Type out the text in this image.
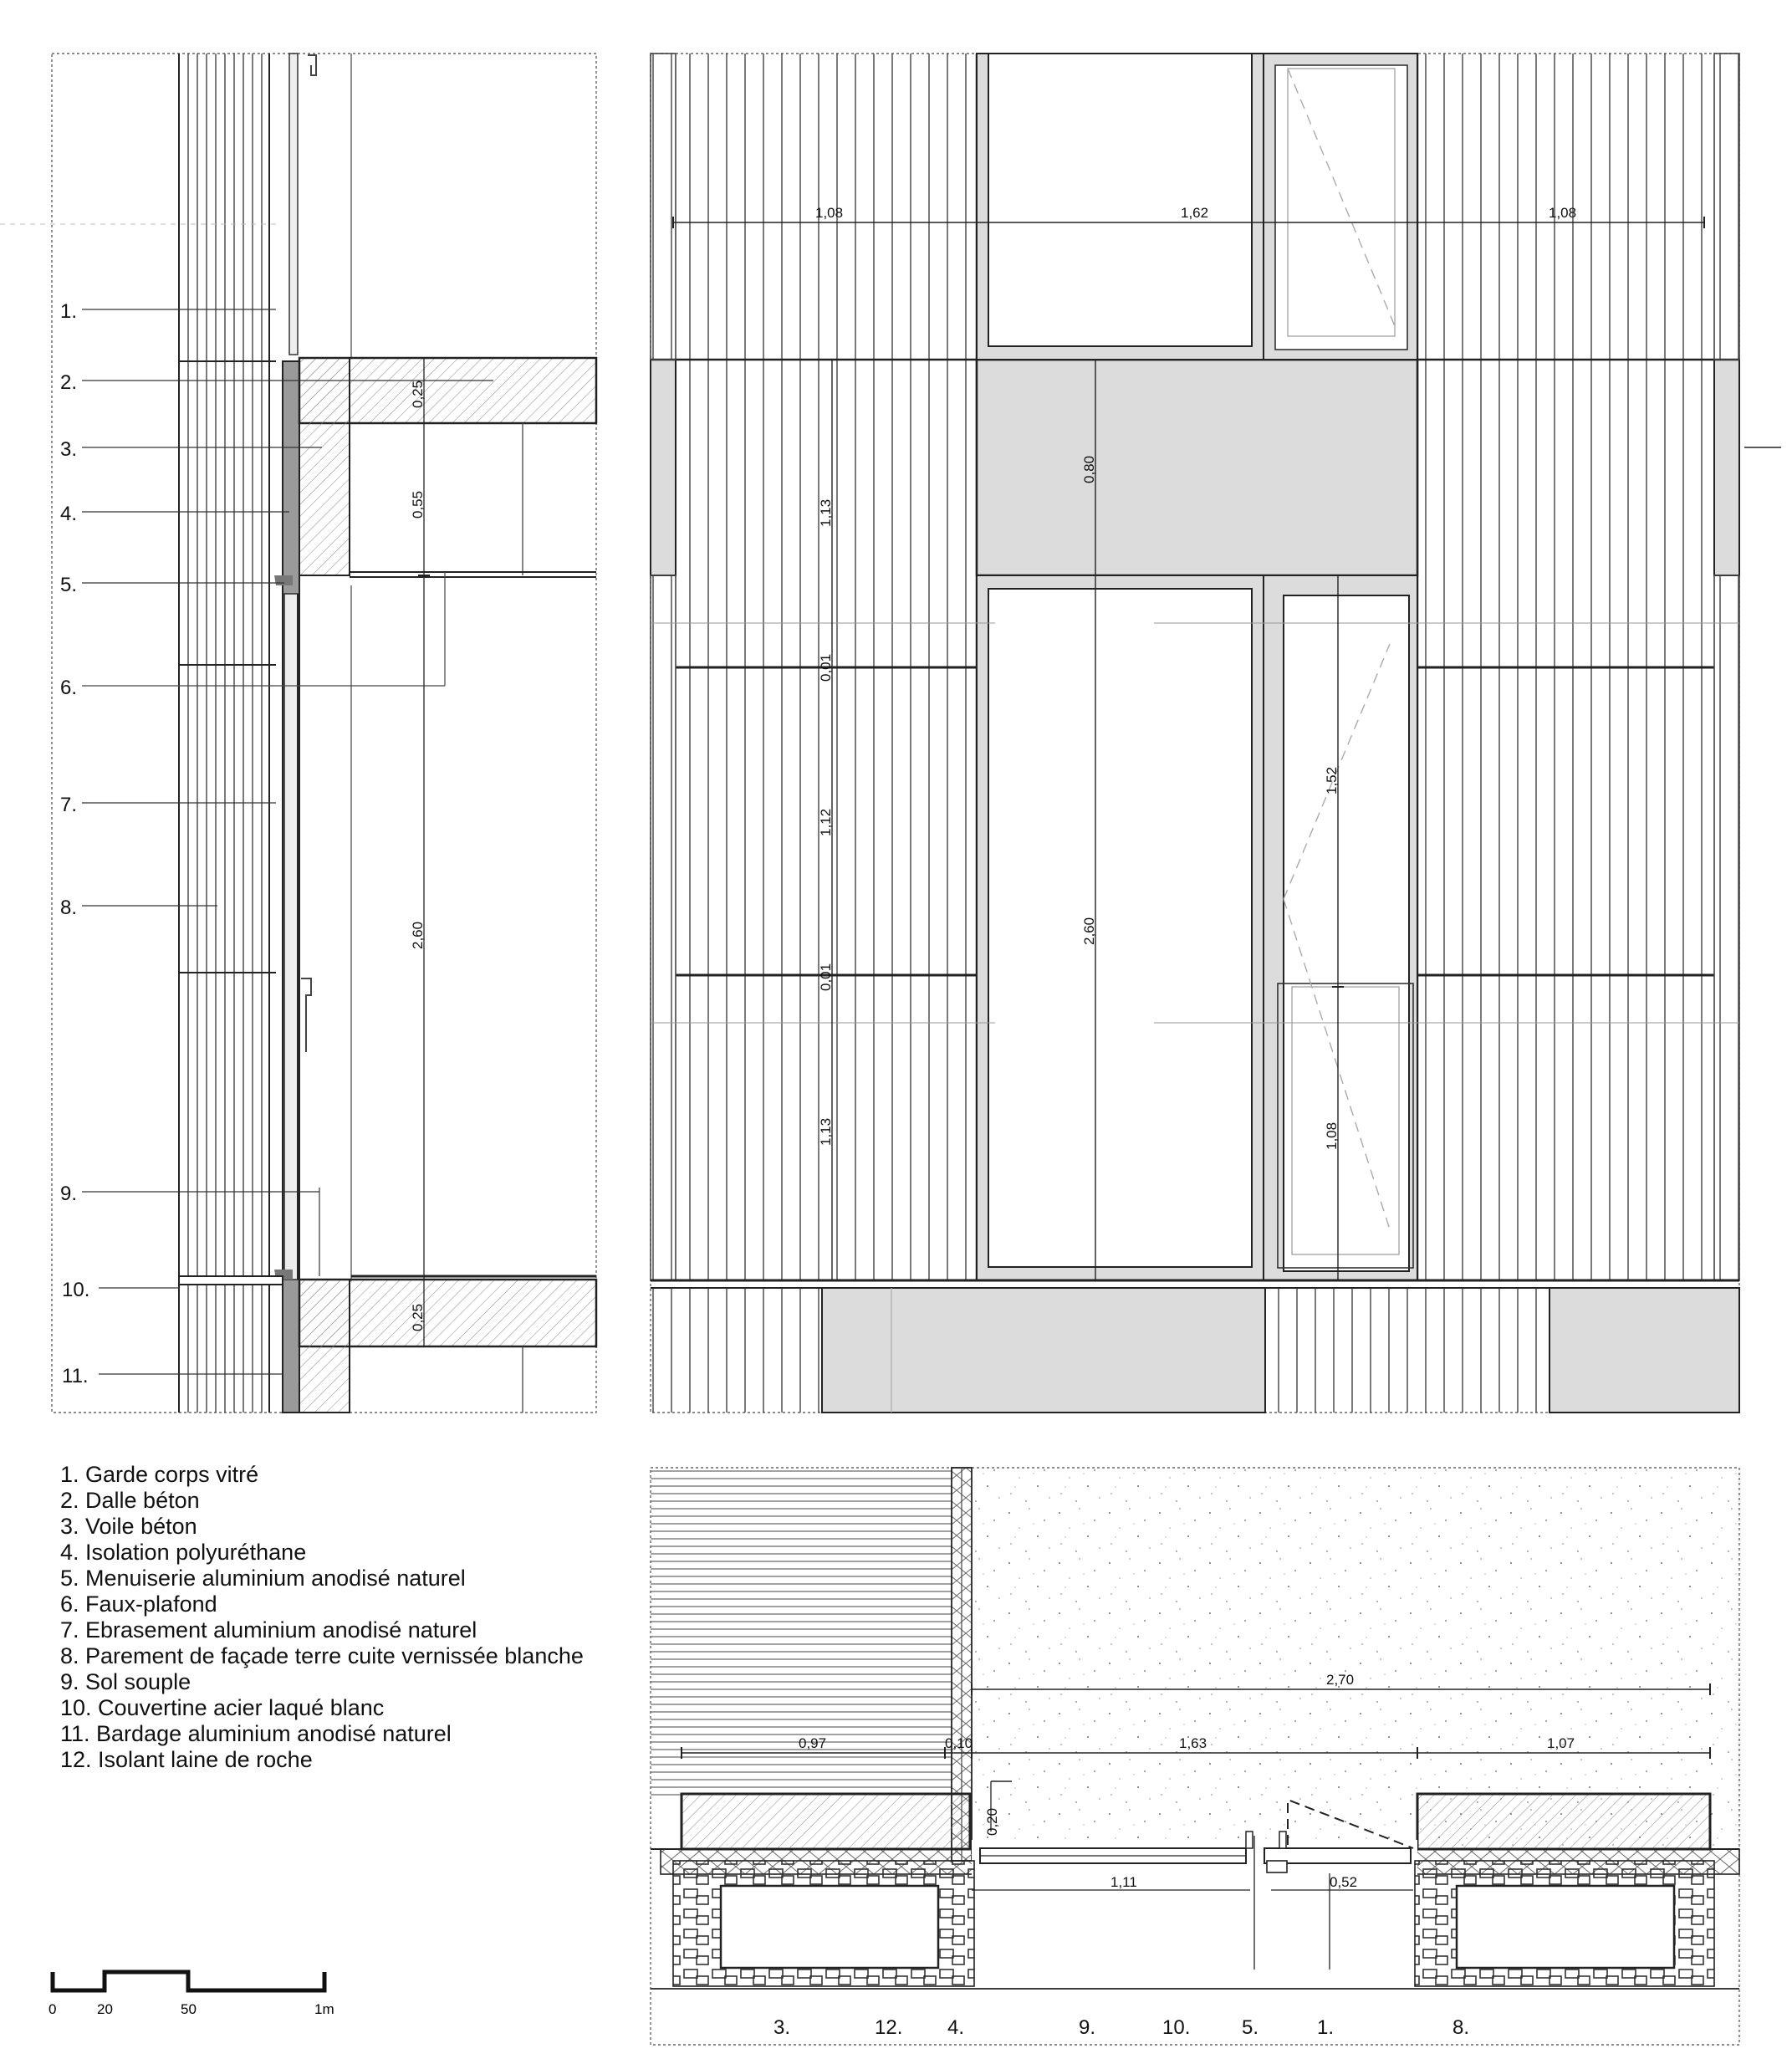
1.
2.
3.
4.
5.
6.
7.
8.
9.
10.
11.
0,25
0,55
2,60
0,25
1,08	1,62	1,08
0,80
1,13
0,01
1,12
0,01
1,13
2,60
1,52
1,08
2,70
0,97	0,10	1,63	1,07
0,20
1,11	0,52
3.	12. 4.	9.	10.	5.	1.	8.
1. Garde corps vitré
2. Dalle béton
3. Voile béton
4. Isolation polyuréthane
5. Menuiserie aluminium anodisé naturel
6. Faux-plafond
7. Ebrasement aluminium anodisé naturel
8. Parement de façade terre cuite vernissée blanche
9. Sol souple
10. Couvertine acier laqué blanc
11. Bardage aluminium anodisé naturel
12. Isolant laine de roche
0	20	50	1m
